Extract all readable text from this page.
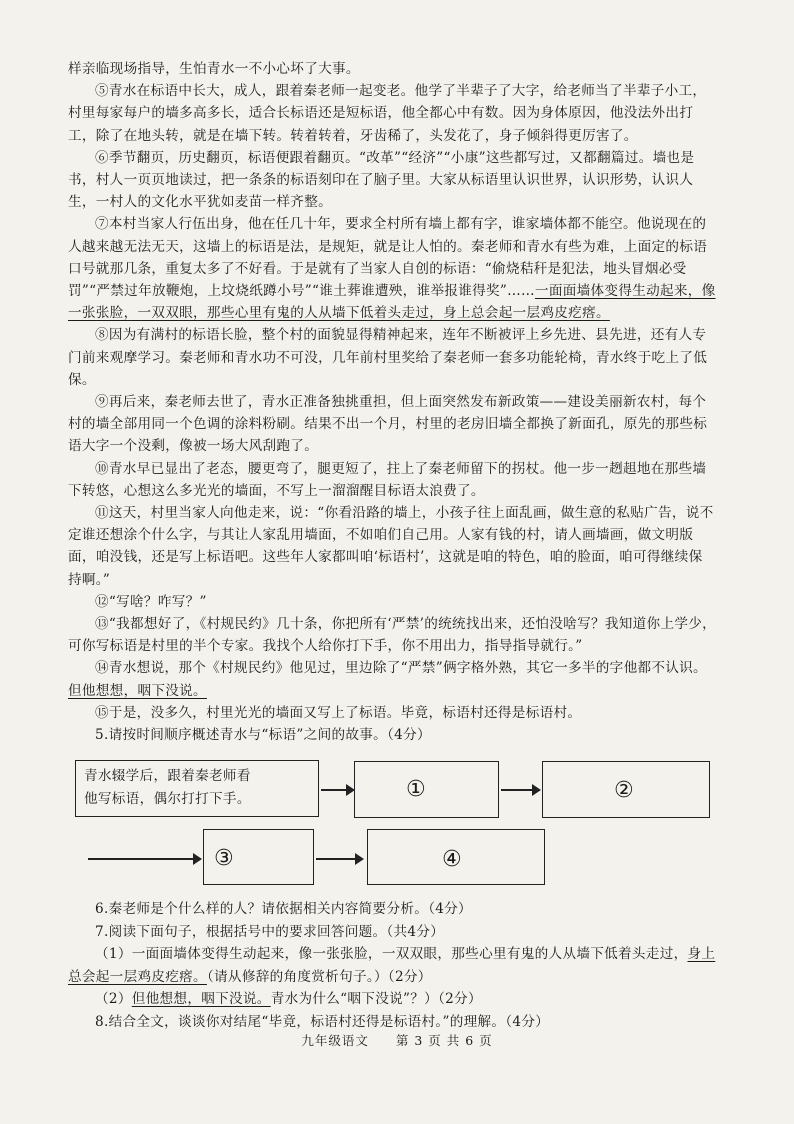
样亲临现场指导，生怕青水一不小心坏了大事。

⑤青水在标语中长大，成人，跟着秦老师一起变老。他学了半辈子了大字，给老师当了半辈子小工，村里每家每户的墙多高多长，适合长标语还是短标语，他全都心中有数。因为身体原因，他没法外出打工，除了在地头转，就是在墙下转。转着转着，牙齿稀了，头发花了，身子倾斜得更厉害了。

⑥季节翻页，历史翻页，标语便跟着翻页。“改革”“经济”“小康”这些都写过，又都翻篇过。墙也是书，村人一页页地读过，把一条条的标语刻印在了脑子里。大家从标语里认识世界，认识形势，认识人生，一村人的文化水平犹如麦苗一样齐整。

⑦本村当家人行伍出身，他在任几十年，要求全村所有墙上都有字，谁家墙体都不能空。他说现在的人越来越无法无天，这墙上的标语是法，是规矩，就是让人怕的。秦老师和青水有些为难，上面定的标语口号就那几条，重复太多了不好看。于是就有了当家人自创的标语：“偷烧秸秆是犯法，地头冒烟必受罚”“严禁过年放鞭炮，上坟烧纸蹲小号”“谁土葬谁遭殃，谁举报谁得奖”……一面面墙体变得生动起来，像一张张脸，一双双眼，那些心里有鬼的人从墙下低着头走过，身上总会起一层鸡皮疙瘩。

⑧因为有满村的标语长脸，整个村的面貌显得精神起来，连年不断被评上乡先进、县先进，还有人专门前来观摩学习。秦老师和青水功不可没，几年前村里奖给了秦老师一套多功能轮椅，青水终于吃上了低保。

⑨再后来，秦老师去世了，青水正准备独挑重担，但上面突然发布新政策——建设美丽新农村，每个村的墙全部用同一个色调的涂料粉刷。结果不出一个月，村里的老房旧墙全都换了新面孔，原先的那些标语大字一个没剩，像被一场大风刮跑了。

⑩青水早已显出了老态，腰更弯了，腿更短了，拄上了秦老师留下的拐杖。他一步一趔趄地在那些墙下转悠，心想这么多光光的墙面，不写上一溜溜醒目标语太浪费了。

⑪这天，村里当家人向他走来，说：“你看沿路的墙上，小孩子往上面乱画，做生意的私贴广告，说不定谁还想涂个什么字，与其让人家乱用墙面，不如咱们自己用。人家有钱的村，请人画墙画，做文明版面，咱没钱，还是写上标语吧。这些年人家都叫咱‘标语村’，这就是咱的特色，咱的脸面，咱可得继续保持啊。”

⑫“写啥？咋写？”

⑬“我都想好了，《村规民约》几十条，你把所有‘严禁’的统统找出来，还怕没啥写？我知道你上学少，可你写标语是村里的半个专家。我找个人给你打下手，你不用出力，指导指导就行。”

⑭青水想说，那个《村规民约》他见过，里边除了“严禁”俩字格外熟，其它一多半的字他都不认识。但他想想，咽下没说。

⑮于是，没多久，村里光光的墙面又写上了标语。毕竟，标语村还得是标语村。

5.请按时间顺序概述青水与“标语”之间的故事。（4分）

青水辍学后，跟着秦老师看
他写标语，偶尔打打下手。	①	②
③	④

6.秦老师是个什么样的人？请依据相关内容简要分析。（4分）

7.阅读下面句子，根据括号中的要求回答问题。（共4分）

（1）一面面墙体变得生动起来，像一张张脸，一双双眼，那些心里有鬼的人从墙下低着头走过，身上总会起一层鸡皮疙瘩。（请从修辞的角度赏析句子。）（2分）

（2）但他想想，咽下没说。青水为什么“咽下没说”？）（2分）

8.结合全文，谈谈你对结尾“毕竟，标语村还得是标语村。”的理解。（4分）

九年级语文　　第 3 页 共 6 页
